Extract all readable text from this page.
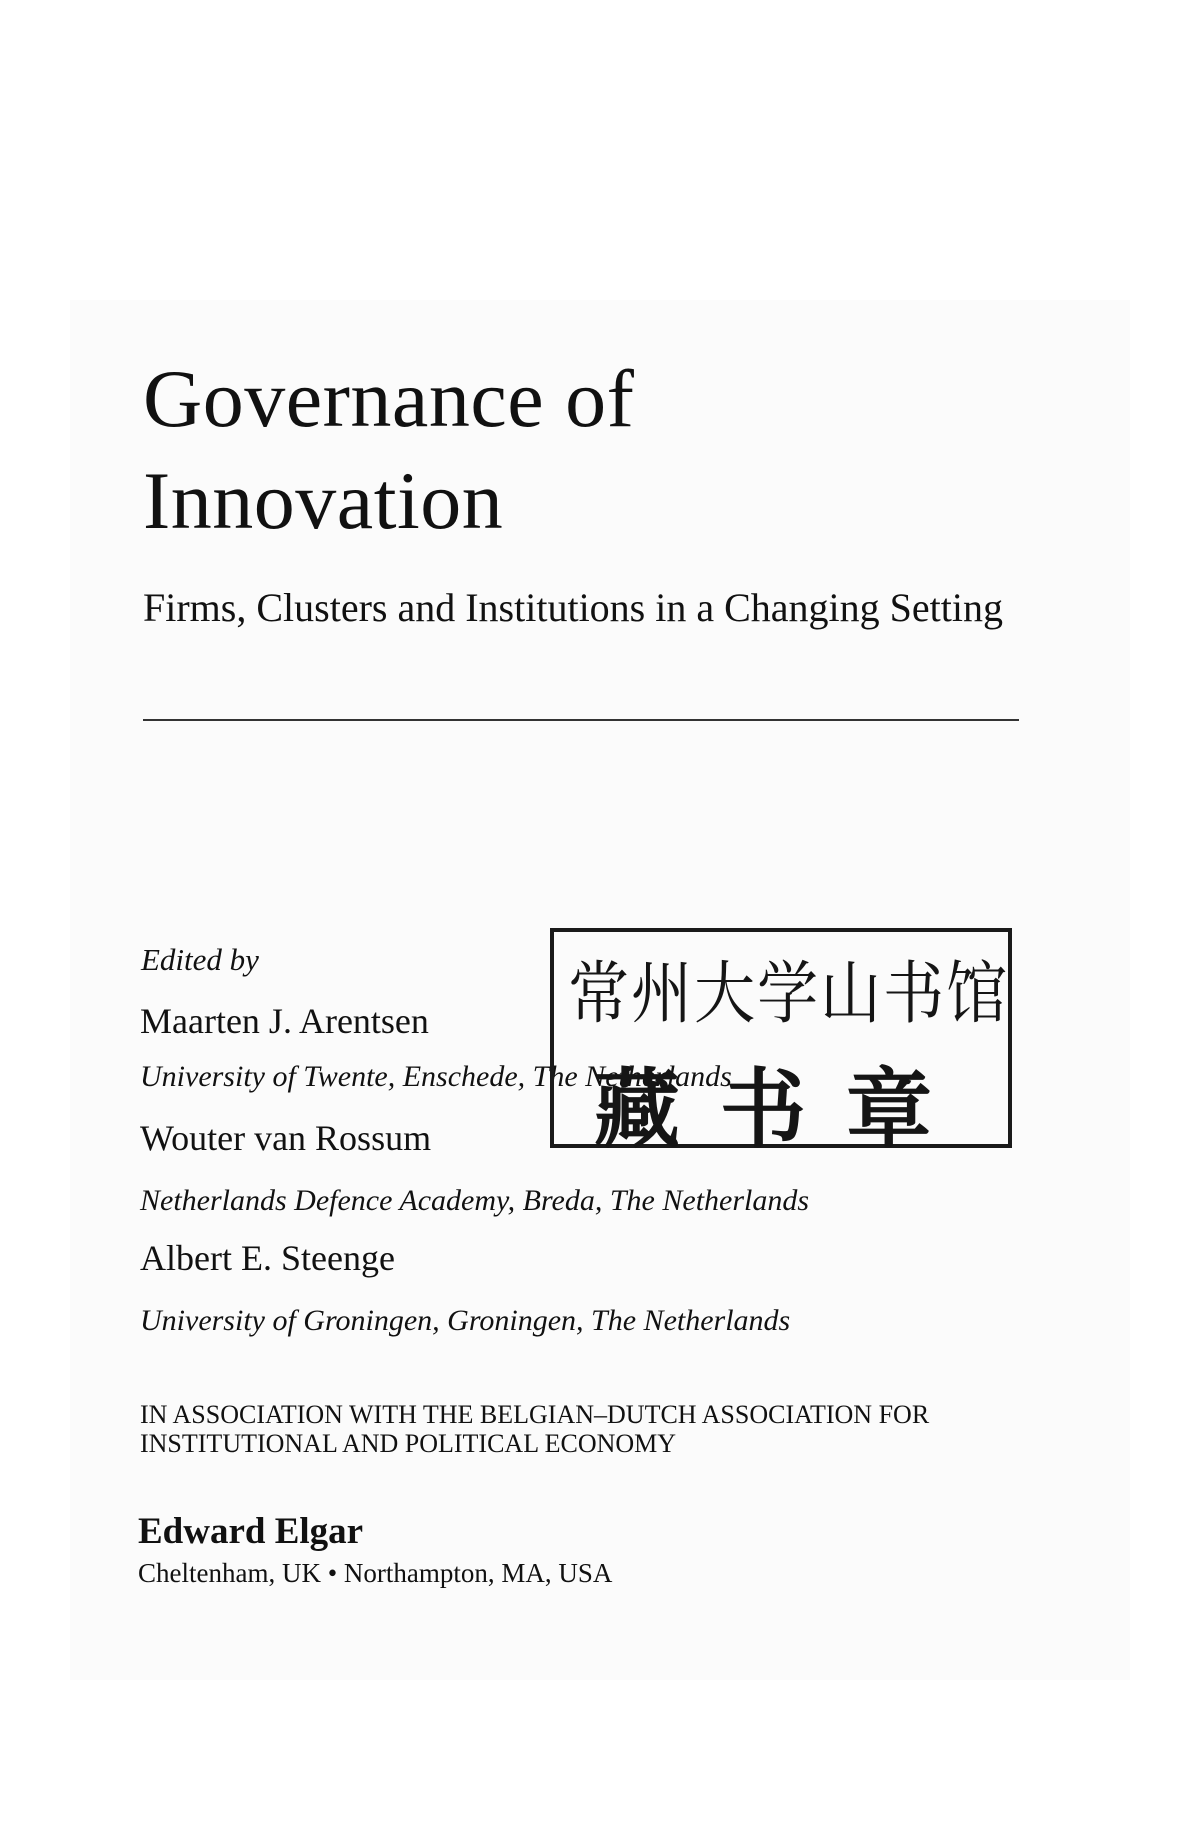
Governance of
Innovation

Firms, Clusters and Institutions in a Changing Setting

Edited by
Maarten J. Arentsen
University of Twente, Enschede, The Netherlands
Wouter van Rossum
Netherlands Defence Academy, Breda, The Netherlands
Albert E. Steenge
University of Groningen, Groningen, The Netherlands
常州大学山书馆
藏书章
IN ASSOCIATION WITH THE BELGIAN–DUTCH ASSOCIATION FOR
INSTITUTIONAL AND POLITICAL ECONOMY
Edward Elgar
Cheltenham, UK • Northampton, MA, USA
